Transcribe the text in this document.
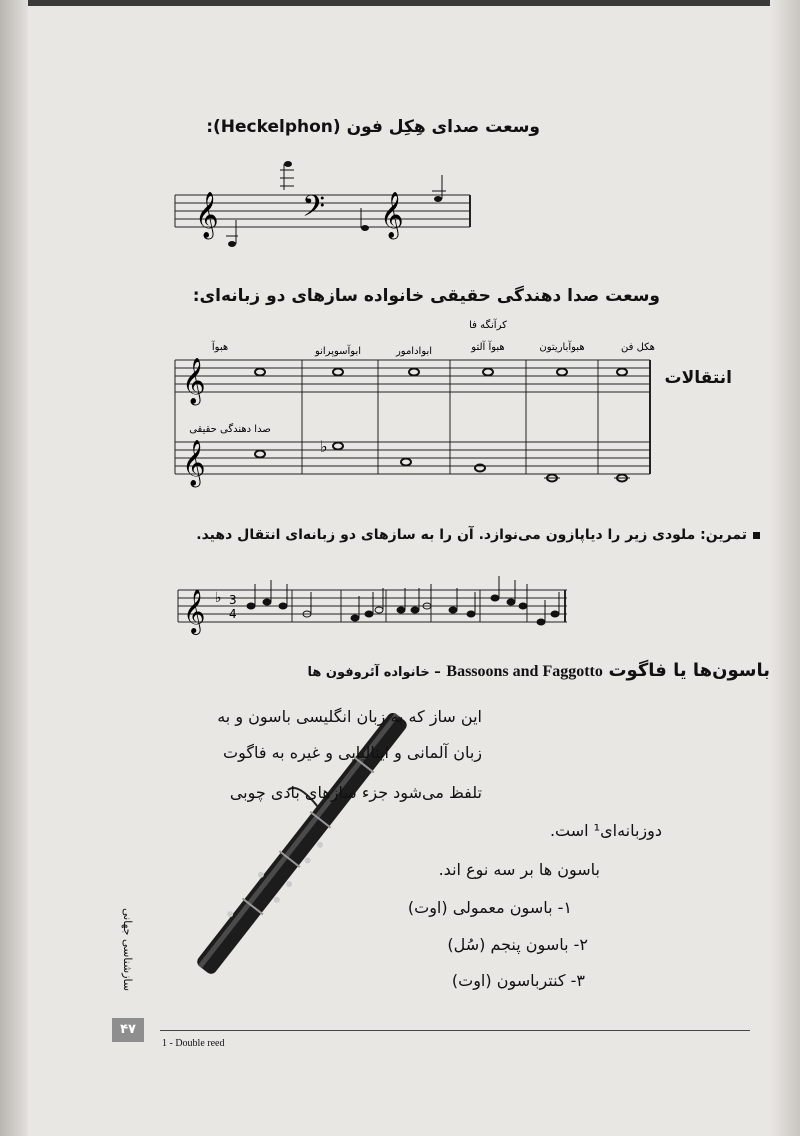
وسعت صدای هِکِل فون (Heckelphon):
𝄞 𝄢 𝄞
وسعت صدا دهندگی حقیقی خانواده سازهای دو زبانه‌ای:
𝄞
𝄞	♭
هکل فن
هبوآباریتون
هبوآ آلتو
ابوادامور
ابوآسوپرانو
هبوآ
کرآنگه فا
صدا دهندگی حقیقی
انتقالات
تمرین: ملودی زیر را دیاپازون می‌نوازد. آن را به سازهای دو زبانه‌ای انتقال دهید.
𝄞 ♭ 3
4
باسون‌ها یا فاگوت Bassoons and Faggotto – خانواده آئروفون ها
این ساز که به زبان انگلیسی باسون و به
زبان آلمانی و ایتالیایی و غیره به فاگوت
تلفظ می‌شود جزء سازهای بادی چوبی
دوزبانه‌ای¹ است.
باسون ها بر سه نوع اند.
۱- باسون معمولی (اوت)
۲- باسون پنجم (سُل)
۳- کنترباسون (اوت)
سازشناسی جهانی
۴۷
1 - Double reed
